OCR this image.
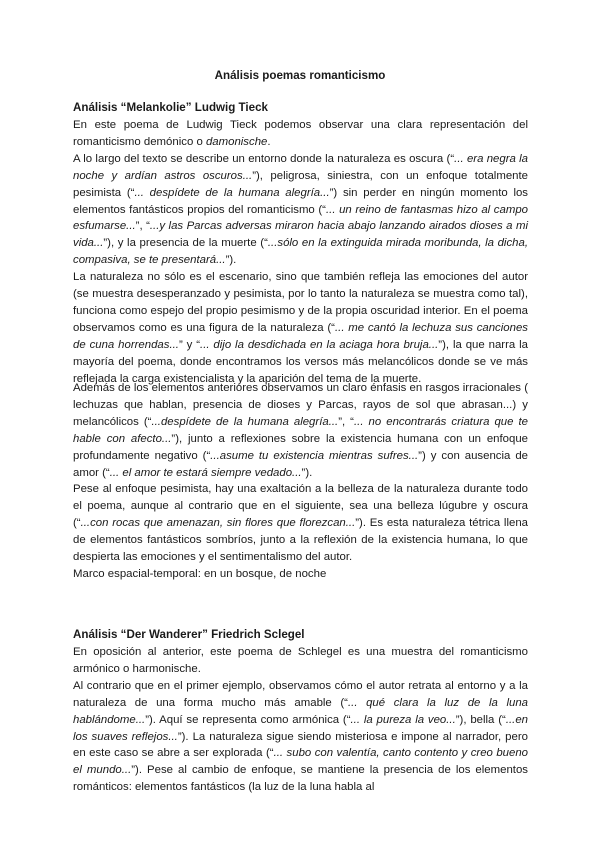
Análisis poemas romanticismo
Análisis “Melankolie” Ludwig Tieck

En este poema de Ludwig Tieck podemos observar una clara representación del romanticismo demónico o damonische.

A lo largo del texto se describe un entorno donde la naturaleza es oscura (“... era negra la noche y ardían astros oscuros...”), peligrosa, siniestra, con un enfoque totalmente pesimista (“... despídete de la humana alegría...”) sin perder en ningún momento los elementos fantásticos propios del romanticismo (“... un reino de fantasmas hizo al campo esfumarse...”, “...y las Parcas adversas miraron hacia abajo lanzando airados dioses a mi vida...”), y la presencia de la muerte (“...sólo en la extinguida mirada moribunda, la dicha, compasiva, se te presentará...”).

La naturaleza no sólo es el escenario, sino que también refleja las emociones del autor (se muestra desesperanzado y pesimista, por lo tanto la naturaleza se muestra como tal), funciona como espejo del propio pesimismo y de la propia oscuridad interior. En el poema observamos como es una figura de la naturaleza (“... me cantó la lechuza sus canciones de cuna horrendas...” y “... dijo la desdichada en la aciaga hora bruja...”), la que narra la mayoría del poema, donde encontramos los versos más melancólicos donde se ve más reflejada la carga existencialista y la aparición del tema de la muerte.

Además de los elementos anteriores observamos un claro énfasis en rasgos irracionales ( lechuzas que hablan, presencia de dioses y Parcas, rayos de sol que abrasan...) y melancólicos (“...despídete de la humana alegría...”, “... no encontrarás criatura que te hable con afecto...”), junto a reflexiones sobre la existencia humana con un enfoque profundamente negativo (“...asume tu existencia mientras sufres...”) y con ausencia de amor (“... el amor te estará siempre vedado...”).

Pese al enfoque pesimista, hay una exaltación a la belleza de la naturaleza durante todo el poema, aunque al contrario que en el siguiente, sea una belleza lúgubre y oscura (“...con rocas que amenazan, sin flores que florezcan...”). Es esta naturaleza tétrica llena de elementos fantásticos sombríos, junto a la reflexión de la existencia humana, lo que despierta las emociones y el sentimentalismo del autor.

Marco espacial-temporal: en un bosque, de noche
Análisis “Der Wanderer” Friedrich Sclegel

En oposición al anterior, este poema de Schlegel es una muestra del romanticismo armónico o harmonische.

Al contrario que en el primer ejemplo, observamos cómo el autor retrata al entorno y a la naturaleza de una forma mucho más amable (“... qué clara la luz de la luna hablándome...”). Aquí se representa como armónica (“... la pureza la veo...”), bella (“...en los suaves reflejos...”). La naturaleza sigue siendo misteriosa e impone al narrador, pero en este caso se abre a ser explorada (“... subo con valentía, canto contento y creo bueno el mundo...”). Pese al cambio de enfoque, se mantiene la presencia de los elementos románticos: elementos fantásticos (la luz de la luna habla al
